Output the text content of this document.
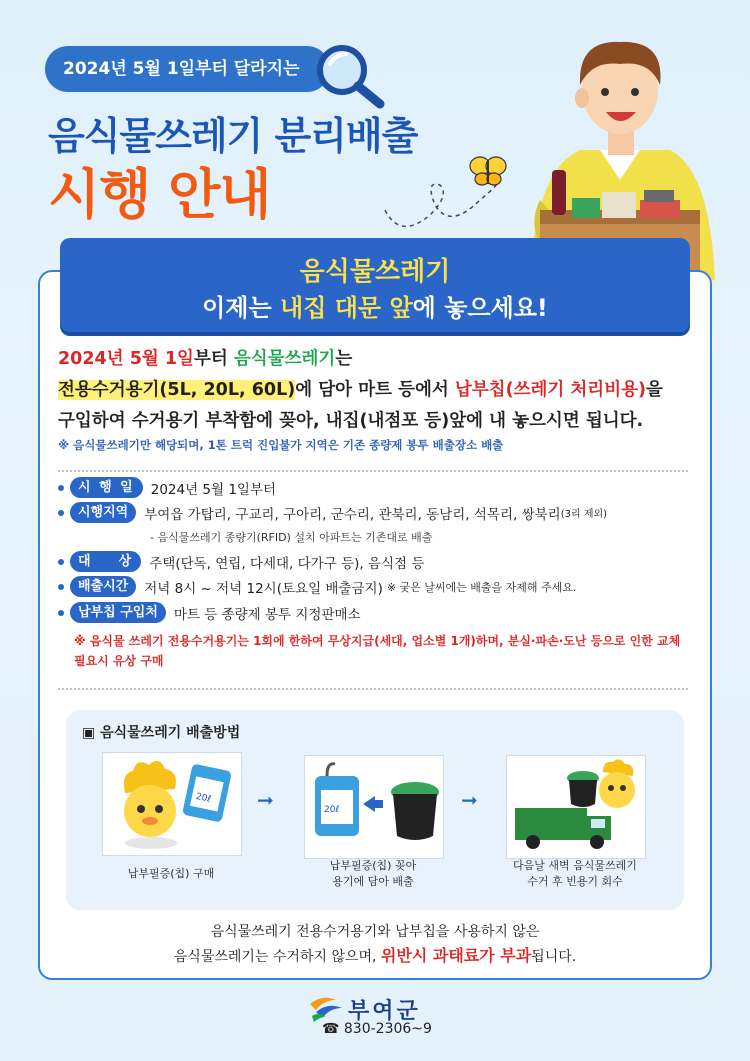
2024년 5월 1일부터 달라지는
음식물쓰레기 분리배출
시행 안내
음식물쓰레기
이제는 내집 대문 앞에 놓으세요!
2024년 5월 1일부터 음식물쓰레기는
전용수거용기(5L, 20L, 60L)에 담아 마트 등에서 납부칩(쓰레기 처리비용)을
구입하여 수거용기 부착함에 꽂아, 내집(내점포 등)앞에 내 놓으시면 됩니다.
※ 음식물쓰레기만 해당되며, 1톤 트럭 진입불가 지역은 기존 종량제 봉투 배출장소 배출
시 행 일	2024년 5월 1일부터
시행지역	부여읍 가탑리, 구교리, 구아리, 군수리, 관북리, 동남리, 석목리, 쌍북리 (3리 제외)
- 음식물쓰레기 종량기(RFID) 설치 아파트는 기존대로 배출
대    상	주택(단독, 연립, 다세대, 다가구 등), 음식점 등
배출시간	저녁 8시 ~ 저녁 12시(토요일 배출금지) ※ 궂은 날씨에는 배출을 자제해 주세요.
납부칩 구입처	마트 등 종량제 봉투 지정판매소
※ 음식물 쓰레기 전용수거용기는 1회에 한하여 무상지급(세대, 업소별 1개)하며, 분실·파손·도난 등으로 인한 교체 필요시 유상 구매
▣ 음식물쓰레기 배출방법
20ℓ
납부필증(칩) 구매
➞	20ℓ
납부필증(칩) 꽂아
용기에 담아 배출
➞
다음날 새벽 음식물쓰레기
수거 후 빈용기 회수
음식물쓰레기 전용수거용기와 납부칩을 사용하지 않은
음식물쓰레기는 수거하지 않으며, 위반시 과태료가 부과됩니다.
부여군
☎ 830-2306~9
